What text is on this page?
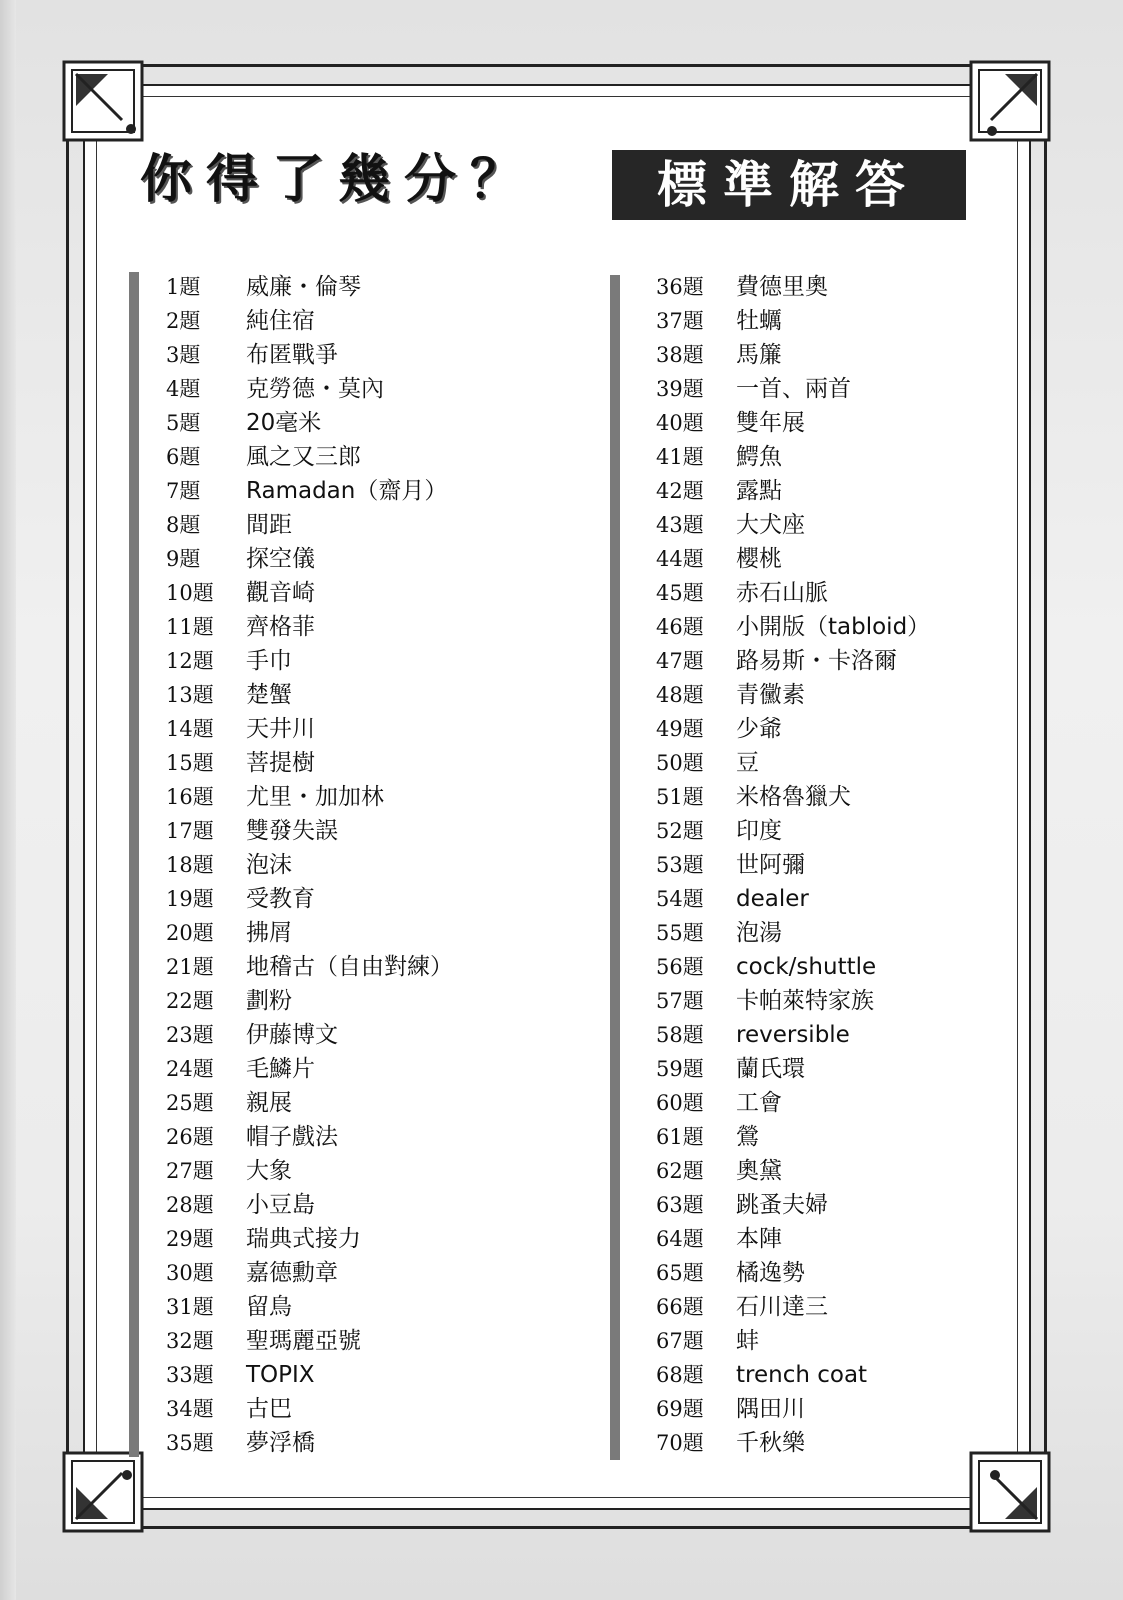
你得了幾分？	標準解答
1題	威廉・倫琴
2題	純住宿
3題	布匿戰爭
4題	克勞德・莫內
5題	20毫米
6題	風之又三郎
7題	Ramadan（齋月）
8題	間距
9題	探空儀
10題	觀音崎
11題	齊格菲
12題	手巾
13題	楚蟹
14題	天井川
15題	菩提樹
16題	尤里・加加林
17題	雙發失誤
18題	泡沫
19題	受教育
20題	拂屑
21題	地稽古（自由對練）
22題	劃粉
23題	伊藤博文
24題	毛鱗片
25題	親展
26題	帽子戲法
27題	大象
28題	小豆島
29題	瑞典式接力
30題	嘉德勳章
31題	留鳥
32題	聖瑪麗亞號
33題	TOPIX
34題	古巴
35題	夢浮橋
36題	費德里奧
37題	牡蠣
38題	馬簾
39題	一首、兩首
40題	雙年展
41題	鰐魚
42題	露點
43題	大犬座
44題	櫻桃
45題	赤石山脈
46題	小開版（tabloid）
47題	路易斯・卡洛爾
48題	青黴素
49題	少爺
50題	豆
51題	米格魯獵犬
52題	印度
53題	世阿彌
54題	dealer
55題	泡湯
56題	cock/shuttle
57題	卡帕萊特家族
58題	reversible
59題	蘭氏環
60題	工會
61題	鶯
62題	奧黛
63題	跳蚤夫婦
64題	本陣
65題	橘逸勢
66題	石川達三
67題	蚌
68題	trench coat
69題	隅田川
70題	千秋樂
